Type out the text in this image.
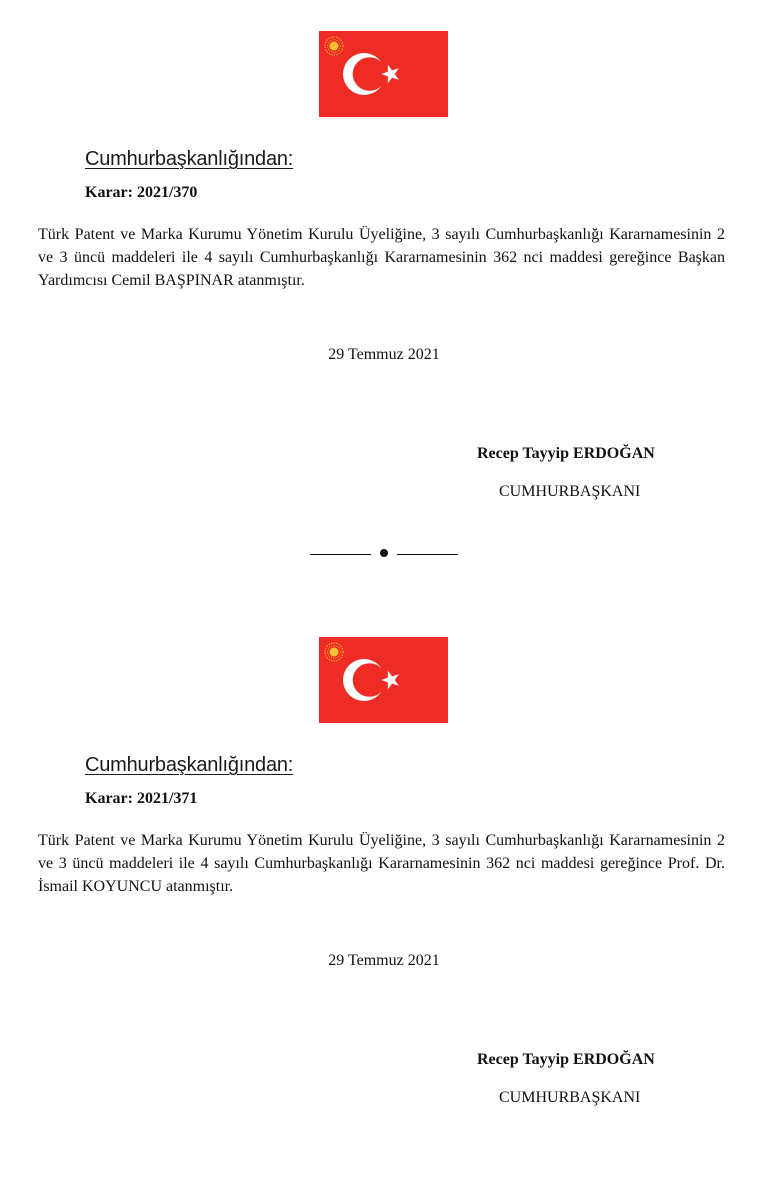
Cumhurbaşkanlığından:
Karar: 2021/370

Türk Patent ve Marka Kurumu Yönetim Kurulu Üyeliğine, 3 sayılı Cumhurbaşkanlığı Kararnamesinin 2 ve 3 üncü maddeleri ile 4 sayılı Cumhurbaşkanlığı Kararnamesinin 362 nci maddesi gereğince Başkan Yardımcısı Cemil BAŞPINAR atanmıştır.

29 Temmuz 2021
Recep Tayyip ERDOĞAN
CUMHURBAŞKANI
Cumhurbaşkanlığından:
Karar: 2021/371

Türk Patent ve Marka Kurumu Yönetim Kurulu Üyeliğine, 3 sayılı Cumhurbaşkanlığı Kararnamesinin 2 ve 3 üncü maddeleri ile 4 sayılı Cumhurbaşkanlığı Kararnamesinin 362 nci maddesi gereğince Prof. Dr. İsmail KOYUNCU atanmıştır.

29 Temmuz 2021
Recep Tayyip ERDOĞAN
CUMHURBAŞKANI
